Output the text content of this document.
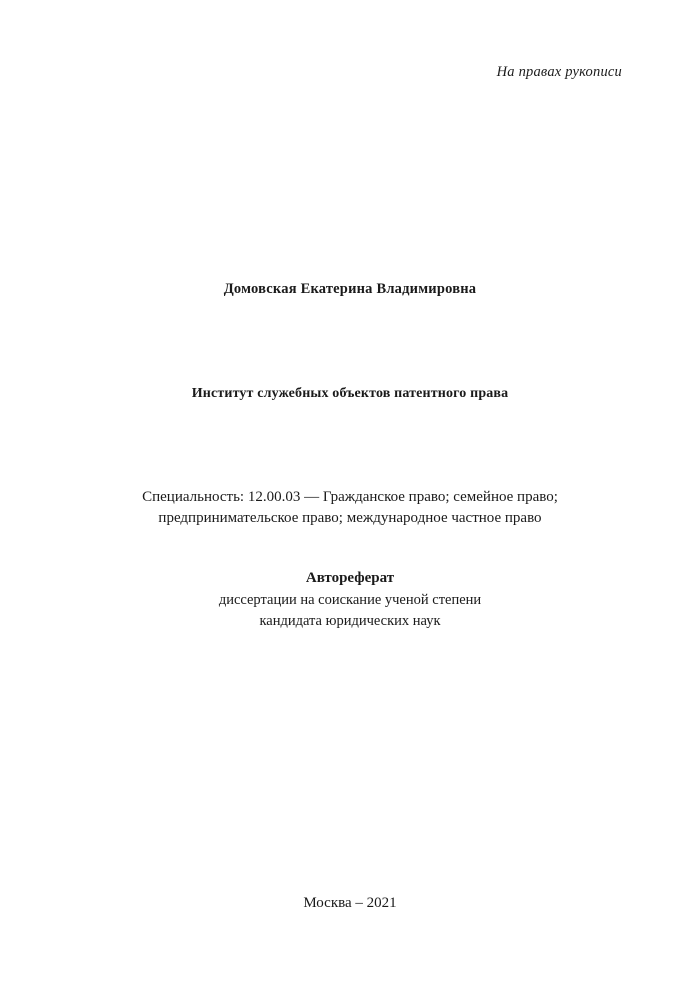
На правах рукописи
Домовская Екатерина Владимировна
Институт служебных объектов патентного права
Специальность: 12.00.03 — Гражданское право; семейное право;
предпринимательское право; международное частное право
Автореферат
диссертации на соискание ученой степени
кандидата юридических наук
Москва – 2021
